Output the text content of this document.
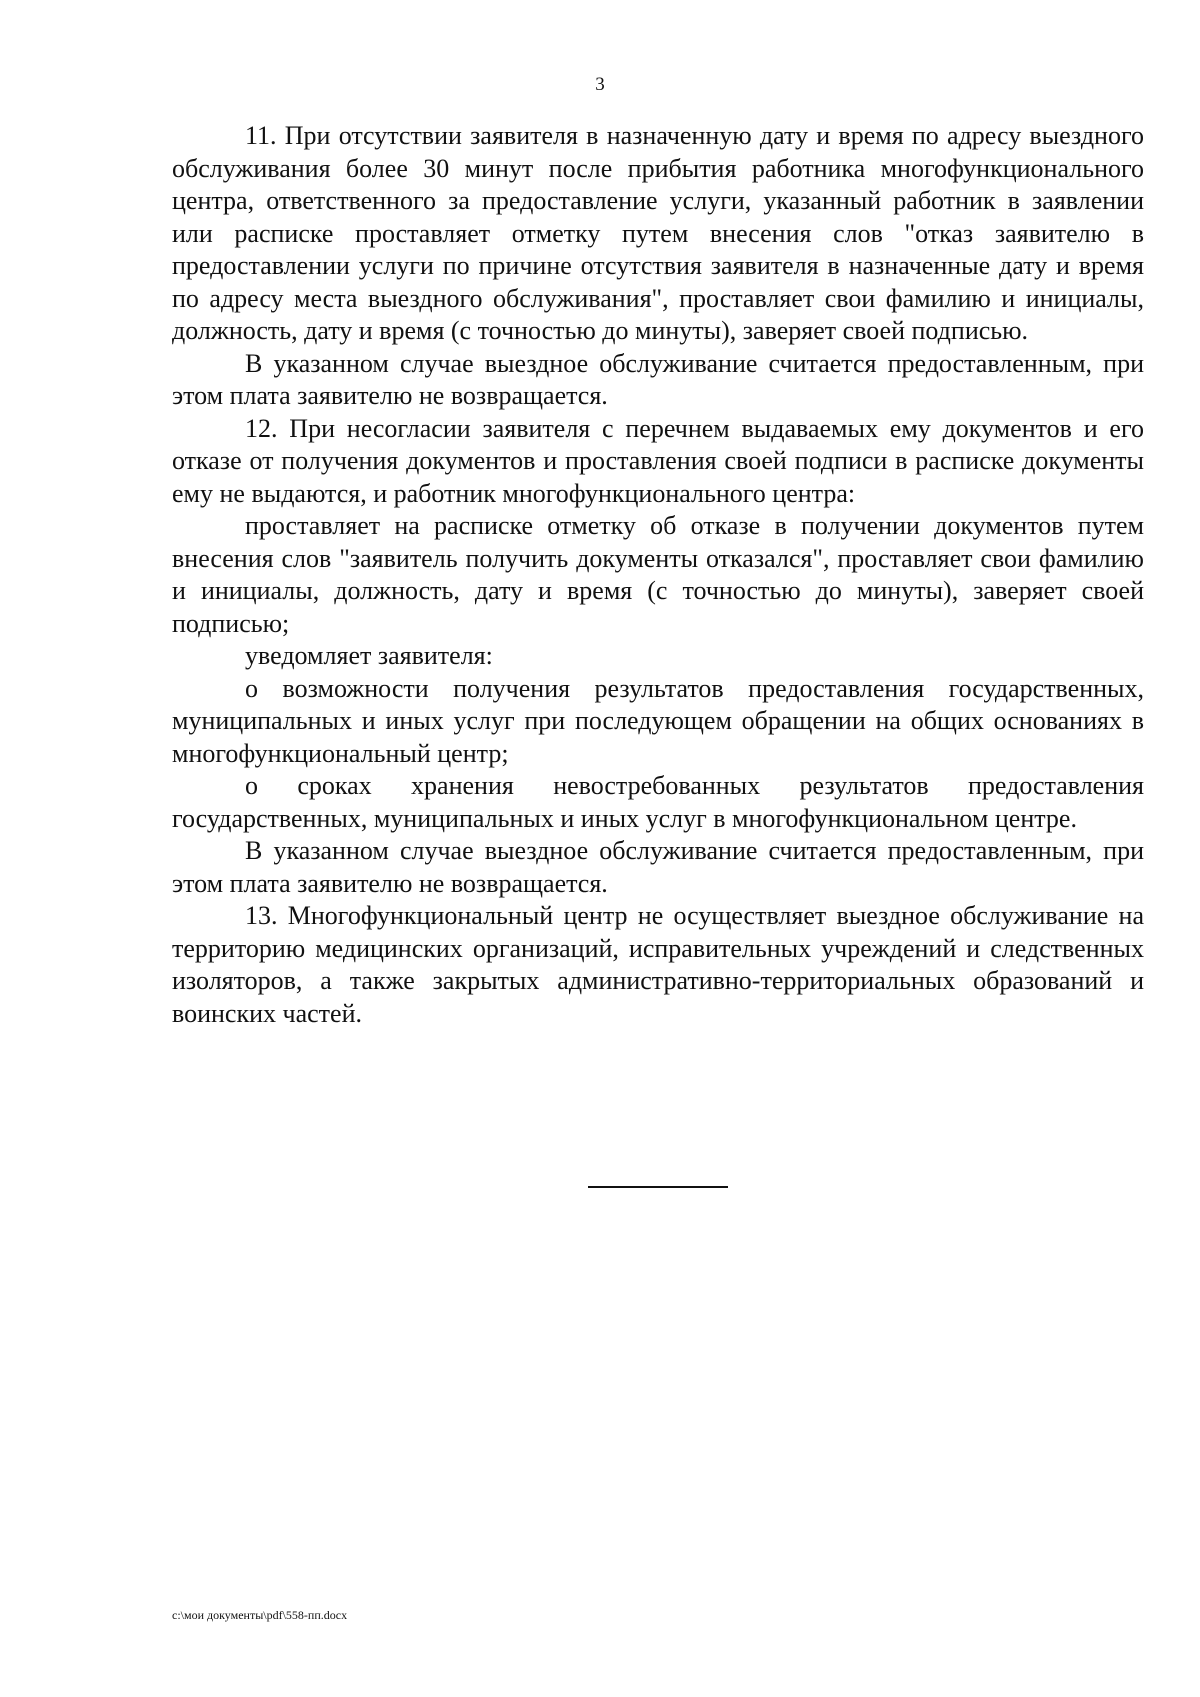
3

11. При отсутствии заявителя в назначенную дату и время по адресу выездного обслуживания более 30 минут после прибытия работника многофункционального центра, ответственного за предоставление услуги, указанный работник в заявлении или расписке проставляет отметку путем внесения слов "отказ заявителю в предоставлении услуги по причине отсутствия заявителя в назначенные дату и время по адресу места выездного обслуживания", проставляет свои фамилию и инициалы, должность, дату и время (с точностью до минуты), заверяет своей подписью.

В указанном случае выездное обслуживание считается предоставленным, при этом плата заявителю не возвращается.

12. При несогласии заявителя с перечнем выдаваемых ему документов и его отказе от получения документов и проставления своей подписи в расписке документы ему не выдаются, и работник многофункционального центра:

проставляет на расписке отметку об отказе в получении документов путем внесения слов "заявитель получить документы отказался", проставляет свои фамилию и инициалы, должность, дату и время (с точностью до минуты), заверяет своей подписью;

уведомляет заявителя:

о возможности получения результатов предоставления государственных, муниципальных и иных услуг при последующем обращении на общих основаниях в многофункциональный центр;

о сроках хранения невостребованных результатов предоставления государственных, муниципальных и иных услуг в многофункциональном центре.

В указанном случае выездное обслуживание считается предоставленным, при этом плата заявителю не возвращается.

13. Многофункциональный центр не осуществляет выездное обслуживание на территорию медицинских организаций, исправительных учреждений и следственных изоляторов, а также закрытых административно-территориальных образований и воинских частей.

c:\мои документы\pdf\558-пп.docx
